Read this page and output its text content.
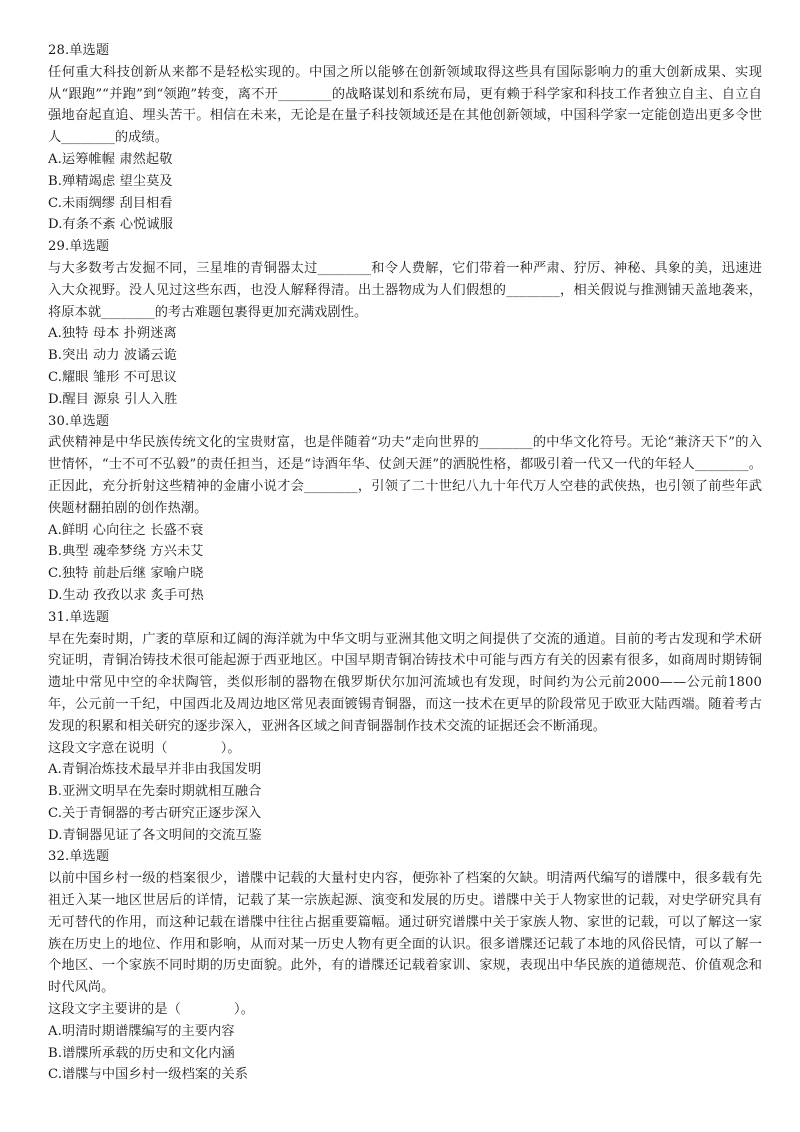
28.单选题

任何重大科技创新从来都不是轻松实现的。中国之所以能够在创新领域取得这些具有国际影响力的重大创新成果、实现从“跟跑”“并跑”到“领跑”转变，离不开________的战略谋划和系统布局，更有赖于科学家和科技工作者独立自主、自立自强地奋起直追、埋头苦干。相信在未来，无论是在量子科技领域还是在其他创新领域，中国科学家一定能创造出更多令世人________的成绩。

A.运筹帷幄 肃然起敬
B.殚精竭虑 望尘莫及
C.未雨绸缪 刮目相看
D.有条不紊 心悦诚服

29.单选题

与大多数考古发掘不同，三星堆的青铜器太过________和令人费解，它们带着一种严肃、狞厉、神秘、具象的美，迅速进入大众视野。没人见过这些东西，也没人解释得清。出土器物成为人们假想的________，相关假说与推测铺天盖地袭来，将原本就________的考古难题包裹得更加充满戏剧性。

A.独特 母本 扑朔迷离
B.突出 动力 波谲云诡
C.耀眼 雏形 不可思议
D.醒目 源泉 引人入胜

30.单选题

武侠精神是中华民族传统文化的宝贵财富，也是伴随着“功夫”走向世界的________的中华文化符号。无论“兼济天下”的入世情怀，“士不可不弘毅”的责任担当，还是“诗酒年华、仗剑天涯”的洒脱性格，都吸引着一代又一代的年轻人________。正因此，充分折射这些精神的金庸小说才会________，引领了二十世纪八九十年代万人空巷的武侠热，也引领了前些年武侠题材翻拍剧的创作热潮。

A.鲜明 心向往之 长盛不衰
B.典型 魂牵梦绕 方兴未艾
C.独特 前赴后继 家喻户晓
D.生动 孜孜以求 炙手可热

31.单选题

早在先秦时期，广袤的草原和辽阔的海洋就为中华文明与亚洲其他文明之间提供了交流的通道。目前的考古发现和学术研究证明，青铜冶铸技术很可能起源于西亚地区。中国早期青铜冶铸技术中可能与西方有关的因素有很多，如商周时期铸铜遗址中常见中空的伞状陶管，类似形制的器物在俄罗斯伏尔加河流域也有发现，时间约为公元前2000——公元前1800年，公元前一千纪，中国西北及周边地区常见表面镀锡青铜器，而这一技术在更早的阶段常见于欧亚大陆西端。随着考古发现的积累和相关研究的逐步深入，亚洲各区域之间青铜器制作技术交流的证据还会不断涌现。

这段文字意在说明（　　　　）。

A.青铜冶炼技术最早并非由我国发明
B.亚洲文明早在先秦时期就相互融合
C.关于青铜器的考古研究正逐步深入
D.青铜器见证了各文明间的交流互鉴

32.单选题

以前中国乡村一级的档案很少，谱牒中记载的大量村史内容，便弥补了档案的欠缺。明清两代编写的谱牒中，很多载有先祖迁入某一地区世居后的详情，记载了某一宗族起源、演变和发展的历史。谱牒中关于人物家世的记载，对史学研究具有无可替代的作用，而这种记载在谱牒中往往占据重要篇幅。通过研究谱牒中关于家族人物、家世的记载，可以了解这一家族在历史上的地位、作用和影响，从而对某一历史人物有更全面的认识。很多谱牒还记载了本地的风俗民情，可以了解一个地区、一个家族不同时期的历史面貌。此外，有的谱牒还记载着家训、家规，表现出中华民族的道德规范、价值观念和时代风尚。

这段文字主要讲的是（　　　　）。

A.明清时期谱牒编写的主要内容
B.谱牒所承载的历史和文化内涵
C.谱牒与中国乡村一级档案的关系
